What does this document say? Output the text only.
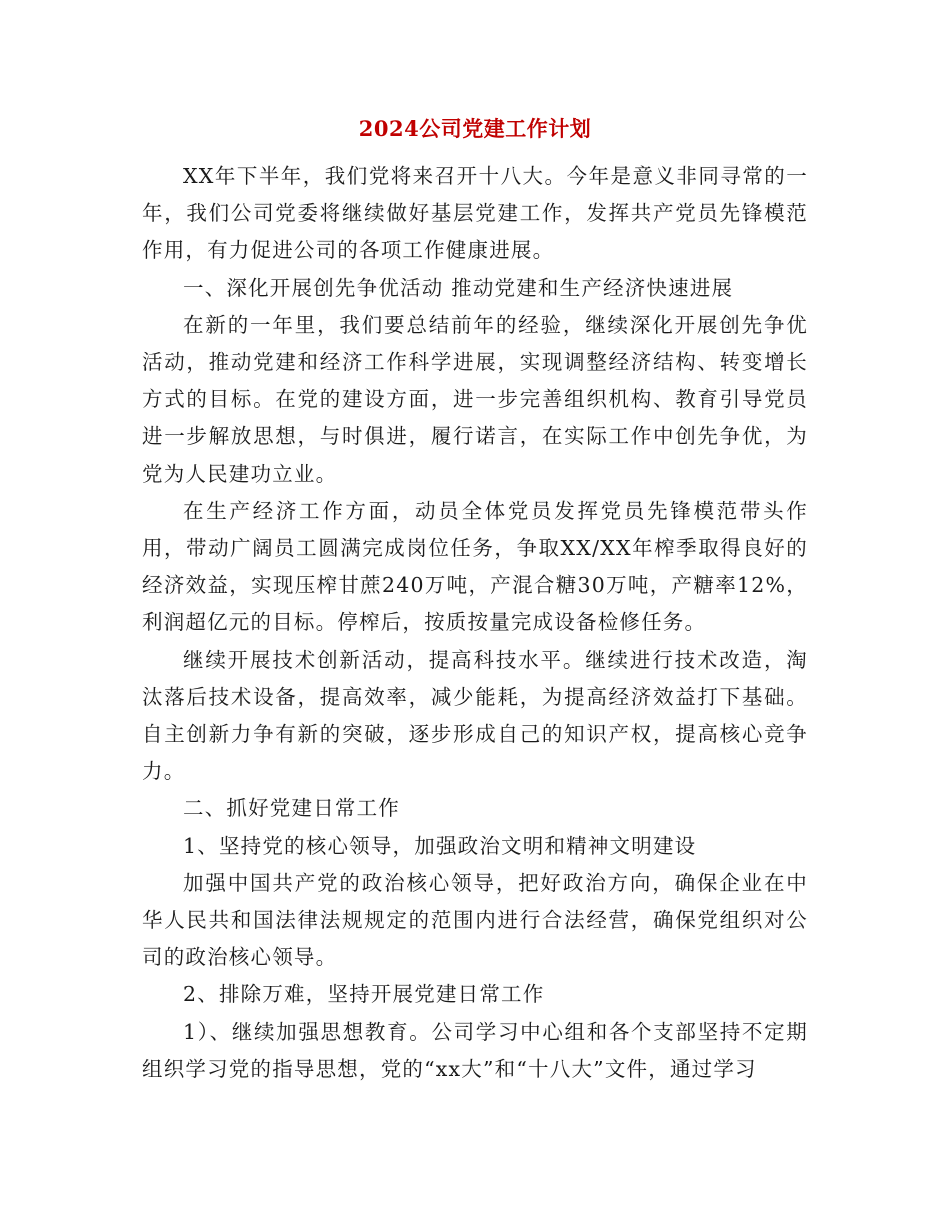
2024公司党建工作计划

XX年下半年，我们党将来召开十八大。今年是意义非同寻常的一年，我们公司党委将继续做好基层党建工作，发挥共产党员先锋模范作用，有力促进公司的各项工作健康进展。

一、深化开展创先争优活动 推动党建和生产经济快速进展

在新的一年里，我们要总结前年的经验，继续深化开展创先争优活动，推动党建和经济工作科学进展，实现调整经济结构、转变增长方式的目标。在党的建设方面，进一步完善组织机构、教育引导党员进一步解放思想，与时俱进，履行诺言，在实际工作中创先争优，为党为人民建功立业。

在生产经济工作方面，动员全体党员发挥党员先锋模范带头作用，带动广阔员工圆满完成岗位任务，争取XX/XX年榨季取得良好的经济效益，实现压榨甘蔗240万吨，产混合糖30万吨，产糖率12%，利润超亿元的目标。停榨后，按质按量完成设备检修任务。

继续开展技术创新活动，提高科技水平。继续进行技术改造，淘汰落后技术设备，提高效率，减少能耗，为提高经济效益打下基础。自主创新力争有新的突破，逐步形成自己的知识产权，提高核心竞争力。

二、抓好党建日常工作

1、坚持党的核心领导，加强政治文明和精神文明建设

加强中国共产党的政治核心领导，把好政治方向，确保企业在中华人民共和国法律法规规定的范围内进行合法经营，确保党组织对公司的政治核心领导。

2、排除万难，坚持开展党建日常工作

1）、继续加强思想教育。公司学习中心组和各个支部坚持不定期组织学习党的指导思想，党的“xx大”和“十八大”文件，通过学习
